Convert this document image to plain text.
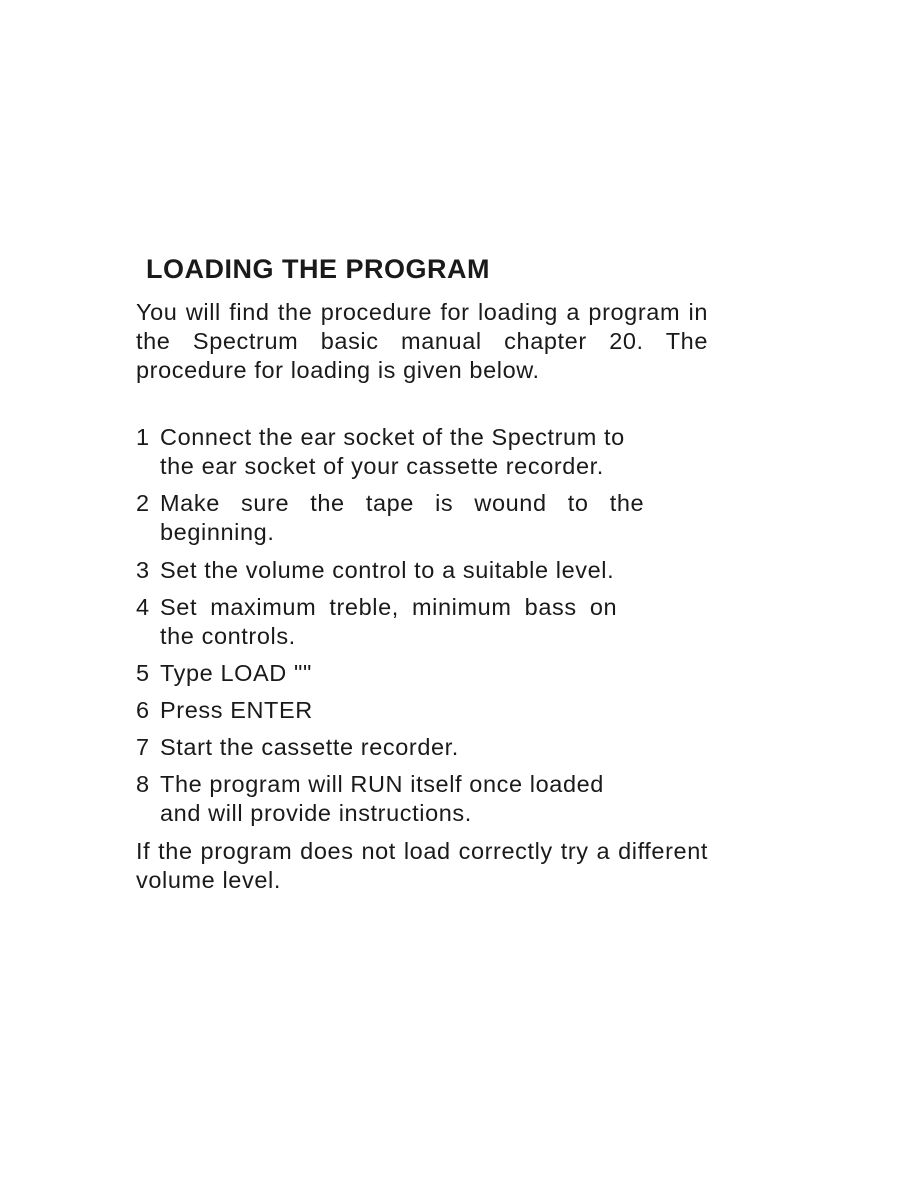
LOADING THE PROGRAM

You will find the procedure for loading a program in the Spectrum basic manual chapter 20. The procedure for loading is given below.

1 Connect the ear socket of the Spectrum to
the ear socket of your cassette recorder.
2 Make sure the tape is wound to the
beginning.
3 Set the volume control to a suitable level.
4 Set maximum treble, minimum bass on
the controls.
5 Type LOAD ""
6 Press ENTER
7 Start the cassette recorder.
8 The program will RUN itself once loaded
and will provide instructions.

If the program does not load correctly try a different volume level.
